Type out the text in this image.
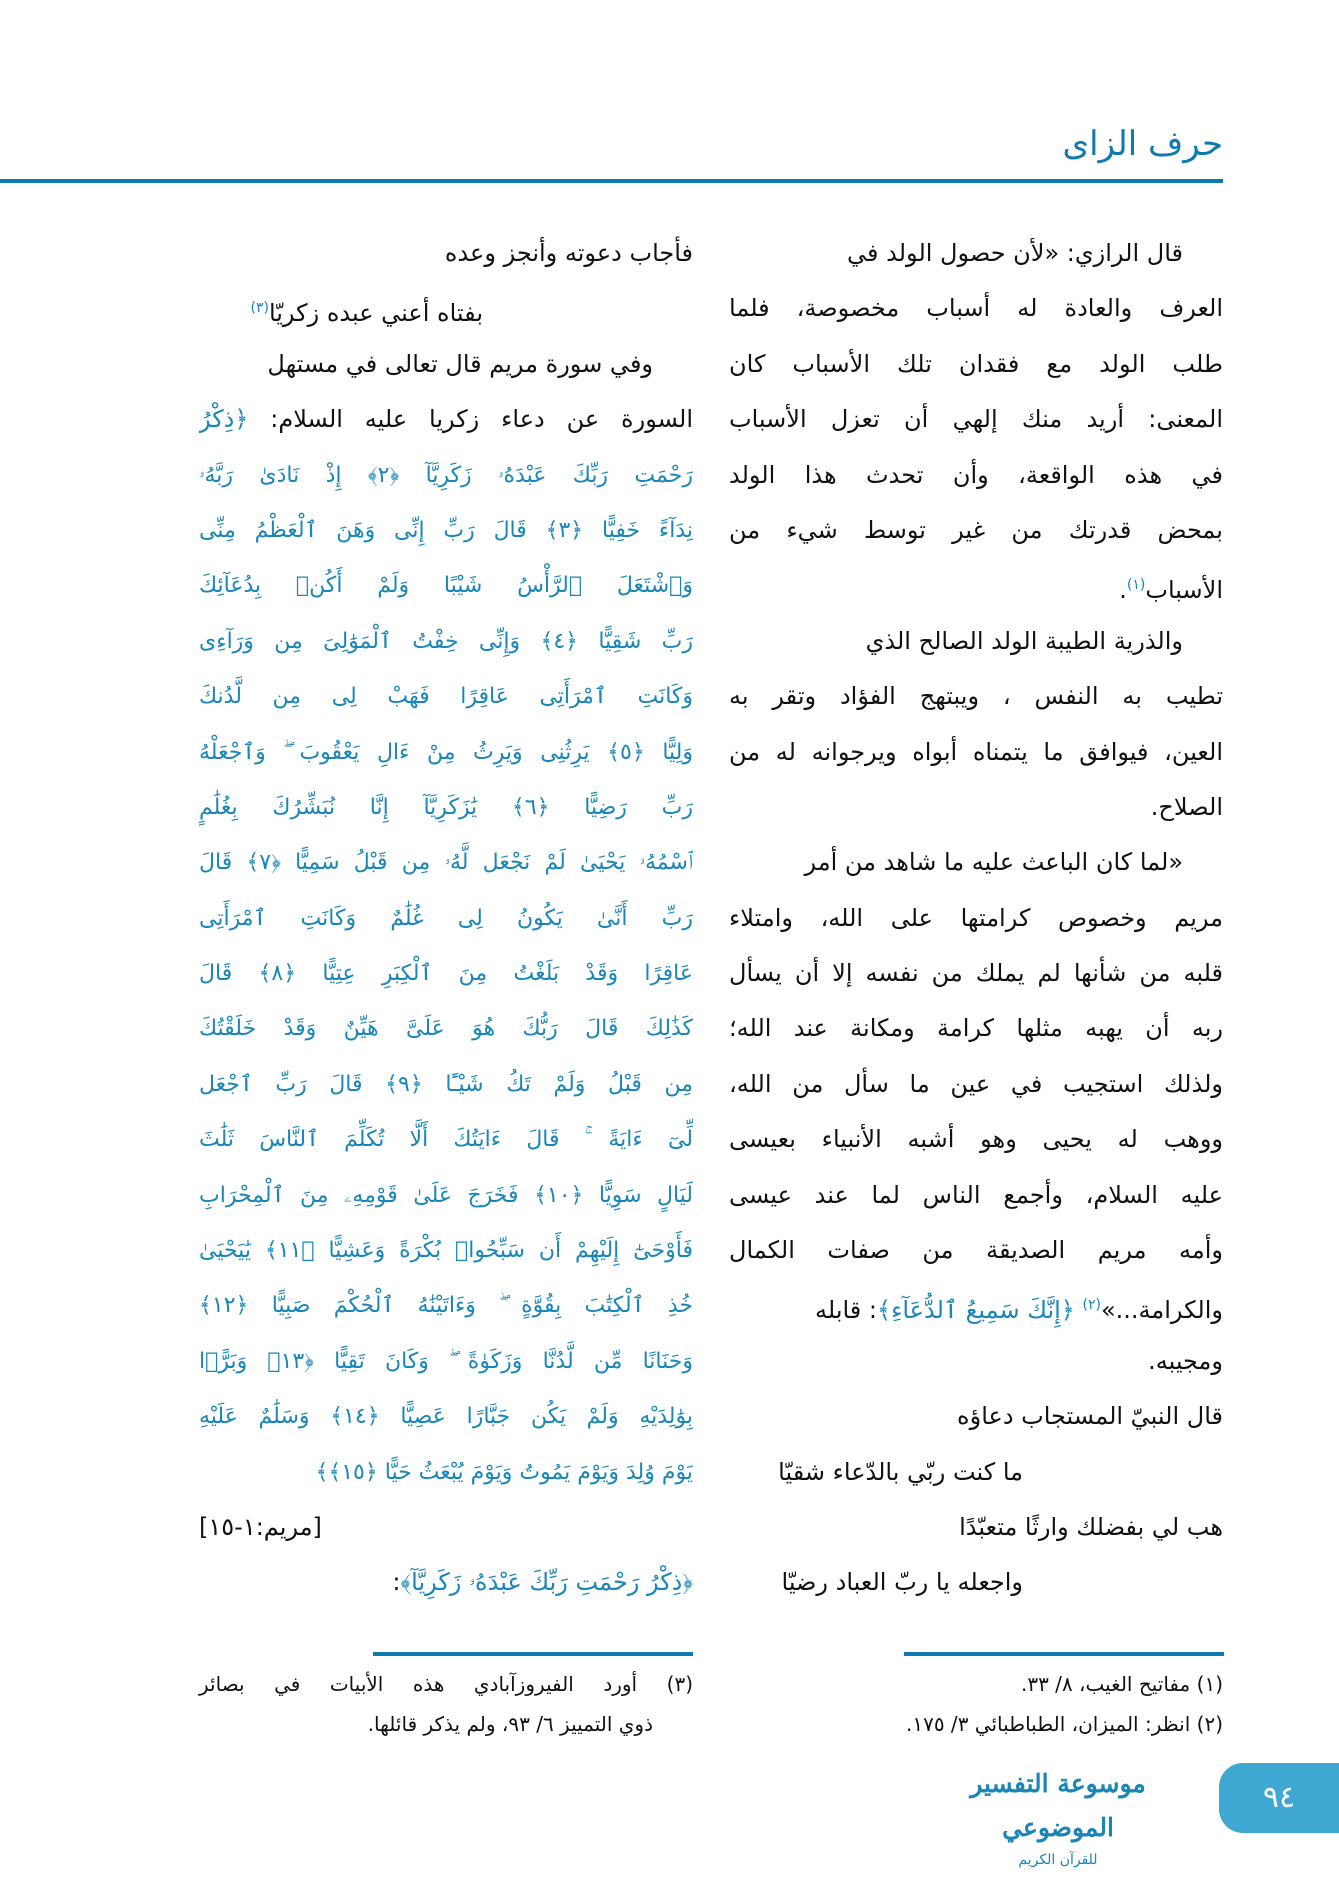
حرف الزاى
قال الرازي: «لأن حصول الولد في
العرف والعادة له أسباب مخصوصة، فلما
طلب الولد مع فقدان تلك الأسباب كان
المعنى: أريد منك إلهي أن تعزل الأسباب
في هذه الواقعة، وأن تحدث هذا الولد
بمحض قدرتك من غير توسط شيء من
الأسباب$^{(١)}$.
والذرية الطيبة الولد الصالح الذي
تطيب به النفس ، ويبتهج الفؤاد وتقر به
العين، فيوافق ما يتمناه أبواه ويرجوانه له من
الصلاح.
«لما كان الباعث عليه ما شاهد من أمر
مريم وخصوص كرامتها على الله، وامتلاء
قلبه من شأنها لم يملك من نفسه إلا أن يسأل
ربه أن يهبه مثلها كرامة ومكانة عند الله؛
ولذلك استجيب في عين ما سأل من الله،
ووهب له يحيى وهو أشبه الأنبياء بعيسى
عليه السلام، وأجمع الناس لما عند عيسى
وأمه مريم الصديقة من صفات الكمال
والكرامة...»$^{(٢)}$ ﴿إِنَّكَ سَمِيعُ ٱلدُّعَآءِ﴾: قابله
ومجيبه.
قال النبيّ المستجاب دعاؤه
ما كنت ربّي بالدّعاء شقيّا
هب لي بفضلك وارثًا متعبّدًا
واجعله يا ربّ العباد رضيّا
فأجاب دعوته وأنجز وعده
بفتاه أعني عبده زكريّا$^{(٣)}$
وفي سورة مريم قال تعالى في مستهل
السورة عن دعاء زكريا عليه السلام: ﴿ذِكْرُ
رَحْمَتِ رَبِّكَ عَبْدَهُۥ زَكَرِيَّآ ﴿٢﴾ إِذْ نَادَىٰ رَبَّهُۥ
نِدَآءً خَفِيًّا ﴿٣﴾ قَالَ رَبِّ إِنِّى وَهَنَ ٱلْعَظْمُ مِنِّى
وَٱشْتَعَلَ ٱلرَّأْسُ شَيْبًا وَلَمْ أَكُنۢ بِدُعَآئِكَ
رَبِّ شَقِيًّا ﴿٤﴾ وَإِنِّى خِفْتُ ٱلْمَوَٰلِىَ مِن وَرَآءِى
وَكَانَتِ ٱمْرَأَتِى عَاقِرًا فَهَبْ لِى مِن لَّدُنكَ
وَلِيًّا ﴿٥﴾ يَرِثُنِى وَيَرِثُ مِنْ ءَالِ يَعْقُوبَ ۖ وَٱجْعَلْهُ
رَبِّ رَضِيًّا ﴿٦﴾ يَٰزَكَرِيَّآ إِنَّا نُبَشِّرُكَ بِغُلَٰمٍ
ٱسْمُهُۥ يَحْيَىٰ لَمْ نَجْعَل لَّهُۥ مِن قَبْلُ سَمِيًّا ﴿٧﴾ قَالَ
رَبِّ أَنَّىٰ يَكُونُ لِى غُلَٰمٌ وَكَانَتِ ٱمْرَأَتِى
عَاقِرًا وَقَدْ بَلَغْتُ مِنَ ٱلْكِبَرِ عِتِيًّا ﴿٨﴾ قَالَ
كَذَٰلِكَ قَالَ رَبُّكَ هُوَ عَلَىَّ هَيِّنٌ وَقَدْ خَلَقْتُكَ
مِن قَبْلُ وَلَمْ تَكُ شَيْـًٔا ﴿٩﴾ قَالَ رَبِّ ٱجْعَل
لِّىٓ ءَايَةً ۚ قَالَ ءَايَتُكَ أَلَّا تُكَلِّمَ ٱلنَّاسَ ثَلَٰثَ
لَيَالٍ سَوِيًّا ﴿١٠﴾ فَخَرَجَ عَلَىٰ قَوْمِهِۦ مِنَ ٱلْمِحْرَابِ
فَأَوْحَىٰٓ إِلَيْهِمْ أَن سَبِّحُوا۟ بُكْرَةً وَعَشِيًّا ﴿١١﴾ يَٰيَحْيَىٰ
خُذِ ٱلْكِتَٰبَ بِقُوَّةٍ ۖ وَءَاتَيْنَٰهُ ٱلْحُكْمَ صَبِيًّا ﴿١٢﴾
وَحَنَانًا مِّن لَّدُنَّا وَزَكَوٰةً ۖ وَكَانَ تَقِيًّا ﴿١٣﴾ وَبَرًّۢا
بِوَٰلِدَيْهِ وَلَمْ يَكُن جَبَّارًا عَصِيًّا ﴿١٤﴾ وَسَلَٰمٌ عَلَيْهِ
يَوْمَ وُلِدَ وَيَوْمَ يَمُوتُ وَيَوْمَ يُبْعَثُ حَيًّا ﴿١٥﴾﴾
[مريم:١-١٥]
﴿ذِكْرُ رَحْمَتِ رَبِّكَ عَبْدَهُۥ زَكَرِيَّآ﴾:
(١) مفاتيح الغيب، ٨/ ٣٣.
(٢) انظر: الميزان، الطباطبائي ٣/ ١٧٥.
(٣) أورد الفيروزآبادي هذه الأبيات في بصائر
ذوي التمييز ٦/ ٩٣، ولم يذكر قائلها.
موسوعة التفسير الموضوعي
للقرآن الكريم
٩٤
